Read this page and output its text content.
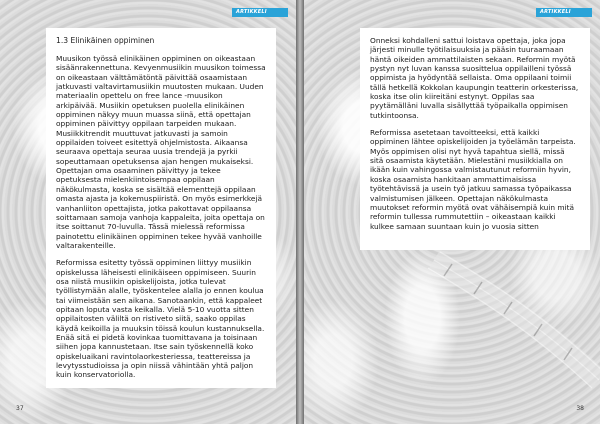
ARTIKKELI
1.3 Elinikäinen oppiminen

Muusikon työssä elinikäinen oppiminen on oikeastaan sisäänrakennettuna. Kevyenmusiikin muusikon toimessa on oikeastaan välttämätöntä päivittää osaamistaan jatkuvasti valtavirtamusiikin muutosten mukaan. Uuden materiaalin opettelu on free lance -muusikon arkipäivää. Musiikin opetuksen puolella elinikäinen oppiminen näkyy muun muassa siinä, että opettajan oppiminen päivittyy oppilaan tarpeiden mukaan. Musiikkitrendit muuttuvat jatkuvasti ja samoin oppilaiden toiveet esitettyä ohjelmistosta. Aikaansa seuraava opettaja seuraa uusia trendejä ja pyrkii sopeuttamaan opetuksensa ajan hengen mukaiseksi. Opettajan oma osaaminen päivittyy ja tekee opetuksesta mielenkiintoisempaa oppilaan näkökulmasta, koska se sisältää elementtejä oppilaan omasta ajasta ja kokemuspiiristä. On myös esimerkkejä vanhanliiton opettajista, jotka pakottavat oppilaansa soittamaan samoja vanhoja kappaleita, joita opettaja on itse soittanut 70-luvulla. Tässä mielessä reformissa painotettu elinikäinen oppiminen tekee hyvää vanhoille valtarakenteille.

Reformissa esitetty työssä oppiminen liittyy musiikin opiskelussa läheisesti elinikäiseen oppimiseen. Suurin osa niistä musiikin opiskelijoista, jotka tulevat työllistymään alalle, työskentelee alalla jo ennen koulua tai viimeistään sen aikana. Sanotaankin, että kappaleet opitaan loputa vasta keikalla. Vielä 5-10 vuotta sitten oppilaitosten väliltä on ristiveto siitä, saako oppilas käydä keikoilla ja muuksin töissä koulun kustannuksella. Enää sitä ei pidetä kovinkaa tuomittavana ja toisinaan siihen jopa kannustetaan. Itse sain työskennellä koko opiskeluaikani ravintolaorkesteriessa, teattereissa ja levytysstudioissa ja opin niissä vähintään yhtä paljon kuin konservatoriolla.

37
ARTIKKELI

Onneksi kohdalleni sattui loistava opettaja, joka jopa järjesti minulle työtilaisuuksia ja pääsin tuuraamaan häntä oikeiden ammattilaisten sekaan. Reformin myötä pystyn nyt luvan kanssa suosittelua oppilailleni työssä oppimista ja hyödyntää sellaista. Oma oppilaani toimii tällä hetkellä Kokkolan kaupungin teatterin orkesterissa, koska itse olin kiireitäni estynyt. Oppilas saa pyytämälläni luvalla sisällyttää työpaikalla oppimisen tutkintoonsa.

Reformissa asetetaan tavoitteeksi, että kaikki oppiminen lähtee opiskelijoiden ja työelämän tarpeista. Myös oppimisen olisi nyt hyvä tapahtua siellä, missä sitä osaamista käytetään. Mielestäni musiikkialla on ikään kuin vahingossa valmistautunut reformiin hyvin, koska osaamista hankitaan ammattimaisissa työtehtävissä ja usein työ jatkuu samassa työpaikassa valmistumisen jälkeen. Opettajan näkökulmasta muutokset reformin myötä ovat vähäisempiä kuin mitä reformin tullessa rummutettiin – oikeastaan kaikki kulkee samaan suuntaan kuin jo vuosia sitten

38
